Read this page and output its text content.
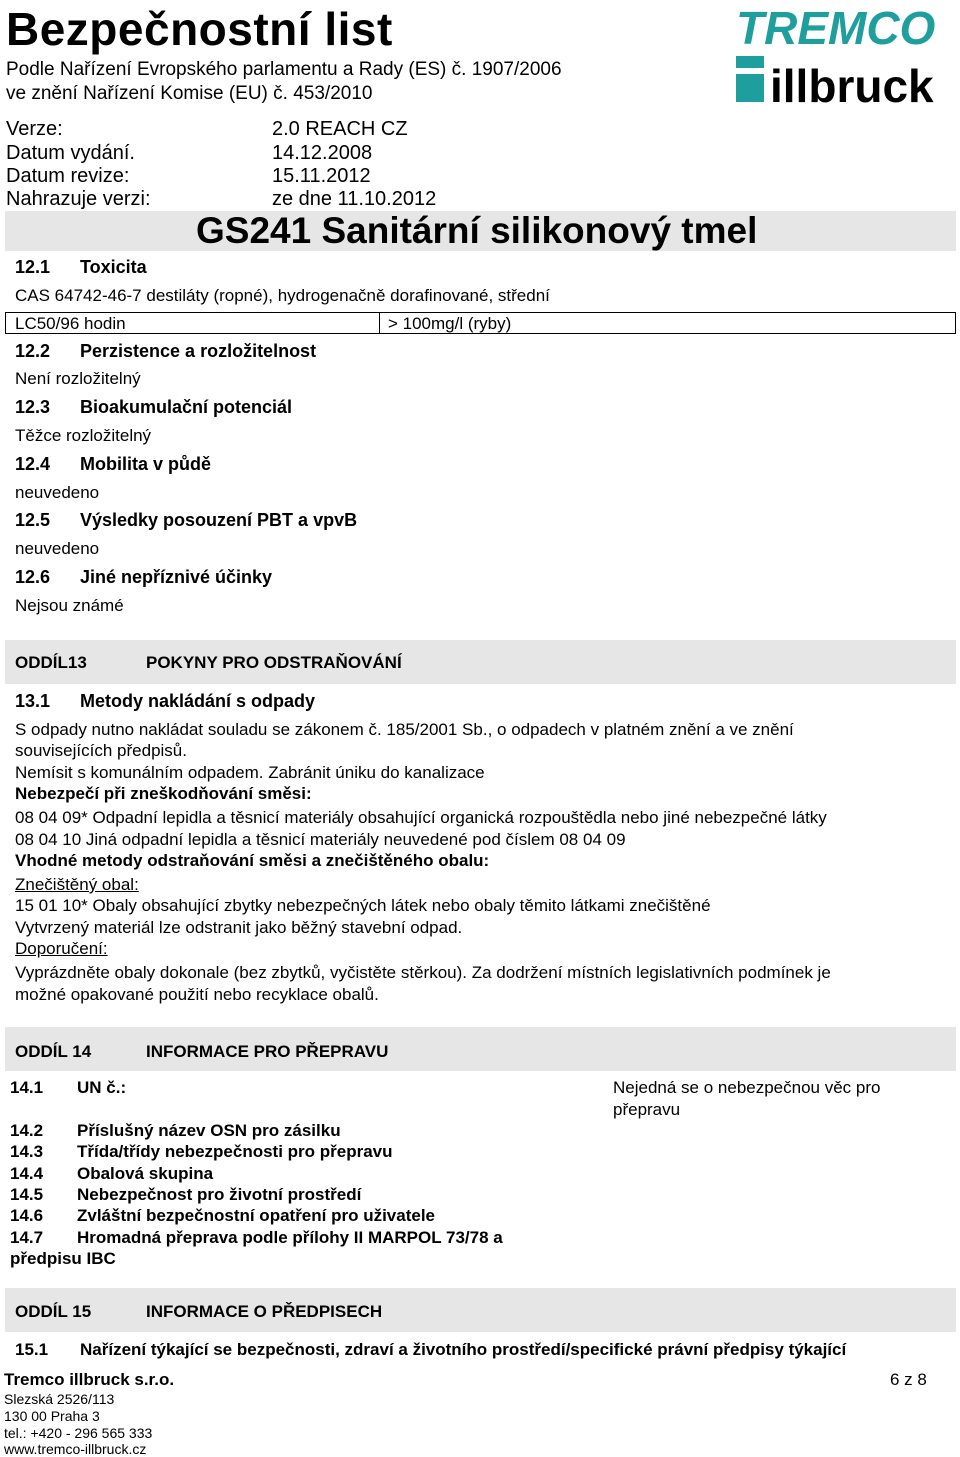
Bezpečnostní list
Podle Nařízení Evropského parlamentu a Rady (ES) č. 1907/2006
ve znění Nařízení Komise (EU) č. 453/2010
Verze:	2.0 REACH CZ
Datum vydání.	14.12.2008
Datum revize:	15.11.2012
Nahrazuje verzi:	ze dne 11.10.2012
TREMCO
illbruck
GS241 Sanitární silikonový tmel
12.1 Toxicita
CAS 64742-46-7 destiláty (ropné), hydrogenačně dorafinované, střední
LC50/96 hodin	> 100mg/l (ryby)
12.2 Perzistence a rozložitelnost
Není rozložitelný
12.3 Bioakumulační potenciál
Těžce rozložitelný
12.4 Mobilita v půdě
neuvedeno
12.5 Výsledky posouzení PBT a vpvB
neuvedeno
12.6 Jiné nepříznivé účinky
Nejsou známé
ODDÍL13	POKYNY PRO ODSTRAŇOVÁNÍ
13.1 Metody nakládání s odpady
S odpady nutno nakládat souladu se zákonem č. 185/2001 Sb., o odpadech v platném znění a ve znění
souvisejících předpisů.
Nemísit s komunálním odpadem. Zabránit úniku do kanalizace
Nebezpečí při zneškodňování směsi:
08 04 09* Odpadní lepidla a těsnicí materiály obsahující organická rozpouštědla nebo jiné nebezpečné látky
08 04 10 Jiná odpadní lepidla a těsnicí materiály neuvedené pod číslem 08 04 09
Vhodné metody odstraňování směsi a znečištěného obalu:
Znečištěný obal:
15 01 10* Obaly obsahující zbytky nebezpečných látek nebo obaly těmito látkami znečištěné
Vytvrzený materiál lze odstranit jako běžný stavební odpad.
Doporučení:
Vyprázdněte obaly dokonale (bez zbytků, vyčistěte stěrkou). Za dodržení místních legislativních podmínek je
možné opakované použití nebo recyklace obalů.
ODDÍL 14	INFORMACE PRO PŘEPRAVU
14.1 UN č.:	Nejedná se o nebezpečnou věc pro
přepravu
14.2 Příslušný název OSN pro zásilku
14.3 Třída/třídy nebezpečnosti pro přepravu
14.4 Obalová skupina
14.5 Nebezpečnost pro životní prostředí
14.6 Zvláštní bezpečnostní opatření pro uživatele
14.7 Hromadná přeprava podle přílohy II MARPOL 73/78 a
předpisu IBC
ODDÍL 15	INFORMACE O PŘEDPISECH
15.1 Nařízení týkající se bezpečnosti, zdraví a životního prostředí/specifické právní předpisy týkající
Tremco illbruck s.r.o.	6 z 8
Slezská 2526/113
130 00 Praha 3
tel.: +420 - 296 565 333
www.tremco-illbruck.cz
